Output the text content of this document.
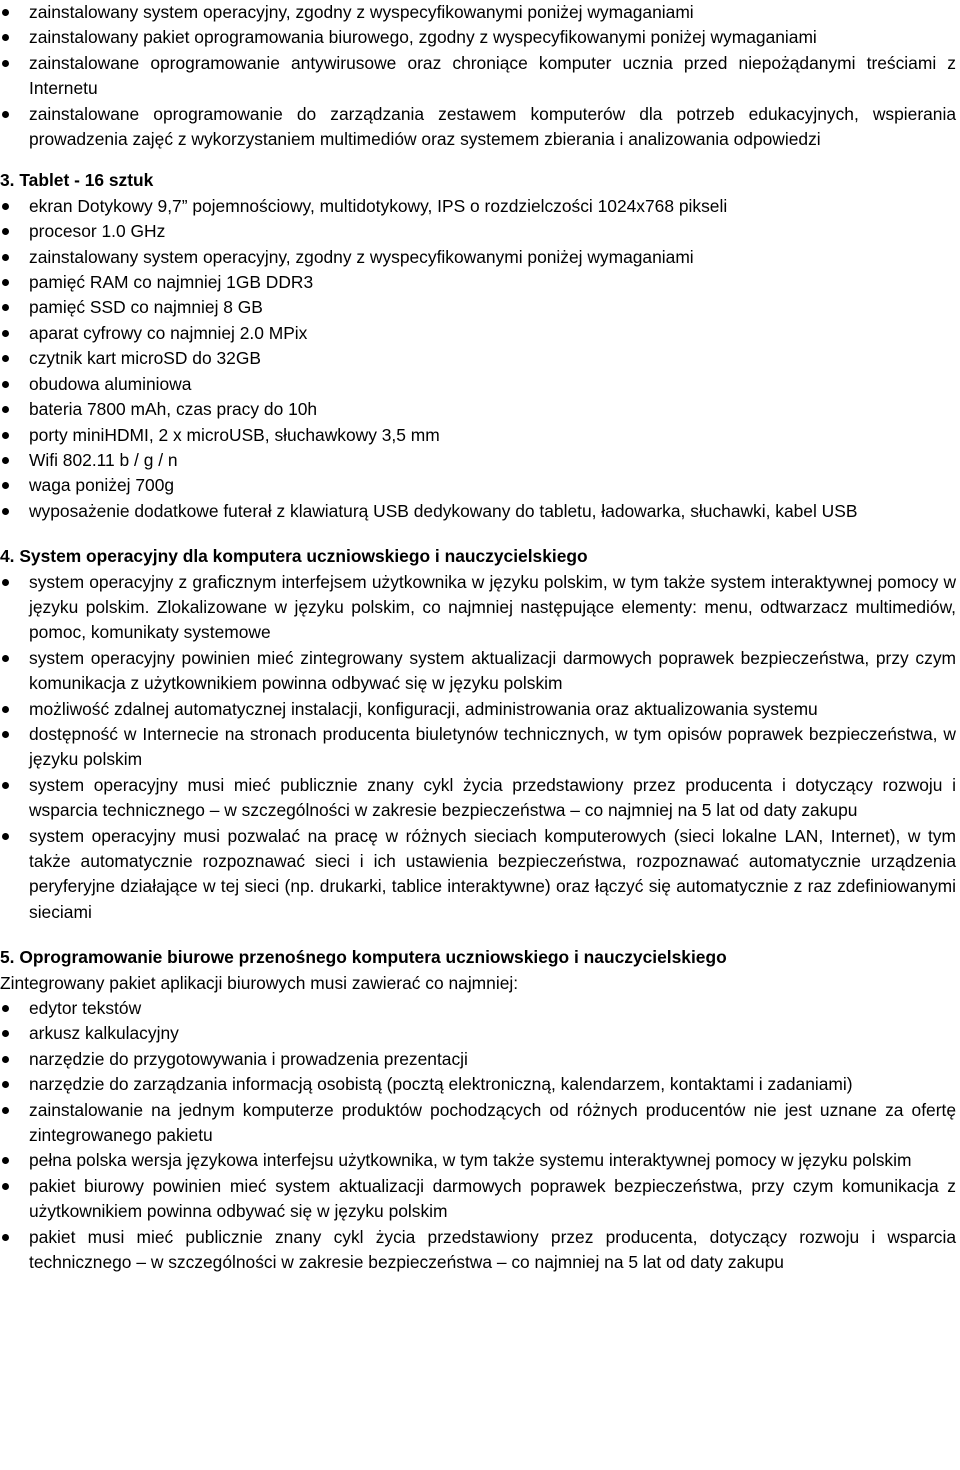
zainstalowany system operacyjny, zgodny z wyspecyfikowanymi poniżej wymaganiami
zainstalowany pakiet oprogramowania biurowego, zgodny z wyspecyfikowanymi poniżej wymaganiami
zainstalowane oprogramowanie antywirusowe oraz chroniące komputer ucznia przed niepożądanymi treściami z Internetu
zainstalowane oprogramowanie do zarządzania zestawem komputerów dla potrzeb edukacyjnych, wspierania prowadzenia zajęć z wykorzystaniem multimediów oraz systemem zbierania i analizowania odpowiedzi

3. Tablet - 16 sztuk

ekran Dotykowy 9,7” pojemnościowy, multidotykowy, IPS o rozdzielczości 1024x768 pikseli
procesor 1.0 GHz
zainstalowany system operacyjny, zgodny z wyspecyfikowanymi poniżej wymaganiami
pamięć RAM co najmniej 1GB DDR3
pamięć SSD co najmniej 8 GB
aparat cyfrowy co najmniej 2.0 MPix
czytnik kart microSD do 32GB
obudowa aluminiowa
bateria 7800 mAh, czas pracy do 10h
porty miniHDMI, 2 x microUSB, słuchawkowy 3,5 mm
Wifi 802.11 b / g / n
waga poniżej 700g
wyposażenie dodatkowe futerał z klawiaturą USB dedykowany do tabletu, ładowarka, słuchawki, kabel USB

4. System operacyjny dla komputera uczniowskiego i nauczycielskiego

system operacyjny z graficznym interfejsem użytkownika w języku polskim, w tym także system interaktywnej pomocy w języku polskim. Zlokalizowane w języku polskim, co najmniej następujące elementy: menu, odtwarzacz multimediów, pomoc, komunikaty systemowe
system operacyjny powinien mieć zintegrowany system aktualizacji darmowych poprawek bezpieczeństwa, przy czym komunikacja z użytkownikiem powinna odbywać się w języku polskim
możliwość zdalnej automatycznej instalacji, konfiguracji, administrowania oraz aktualizowania systemu
dostępność w Internecie na stronach producenta biuletynów technicznych, w tym opisów poprawek bezpieczeństwa, w języku polskim
system operacyjny musi mieć publicznie znany cykl życia przedstawiony przez producenta i dotyczący rozwoju i wsparcia technicznego – w szczególności w zakresie bezpieczeństwa – co najmniej na 5 lat od daty zakupu
system operacyjny musi pozwalać na pracę w różnych sieciach komputerowych (sieci lokalne LAN, Internet), w tym także automatycznie rozpoznawać sieci i ich ustawienia bezpieczeństwa, rozpoznawać automatycznie urządzenia peryferyjne działające w tej sieci (np. drukarki, tablice interaktywne) oraz łączyć się automatycznie z raz zdefiniowanymi sieciami

5. Oprogramowanie biurowe przenośnego komputera uczniowskiego i nauczycielskiego

Zintegrowany pakiet aplikacji biurowych musi zawierać co najmniej:

edytor tekstów
arkusz kalkulacyjny
narzędzie do przygotowywania i prowadzenia prezentacji
narzędzie do zarządzania informacją osobistą (pocztą elektroniczną, kalendarzem, kontaktami i zadaniami)
zainstalowanie na jednym komputerze produktów pochodzących od różnych producentów nie jest uznane za ofertę zintegrowanego pakietu
pełna polska wersja językowa interfejsu użytkownika, w tym także systemu interaktywnej pomocy w języku polskim
pakiet biurowy powinien mieć system aktualizacji darmowych poprawek bezpieczeństwa, przy czym komunikacja z użytkownikiem powinna odbywać się w języku polskim
pakiet musi mieć publicznie znany cykl życia przedstawiony przez producenta, dotyczący rozwoju i wsparcia technicznego – w szczególności w zakresie bezpieczeństwa – co najmniej na 5 lat od daty zakupu
